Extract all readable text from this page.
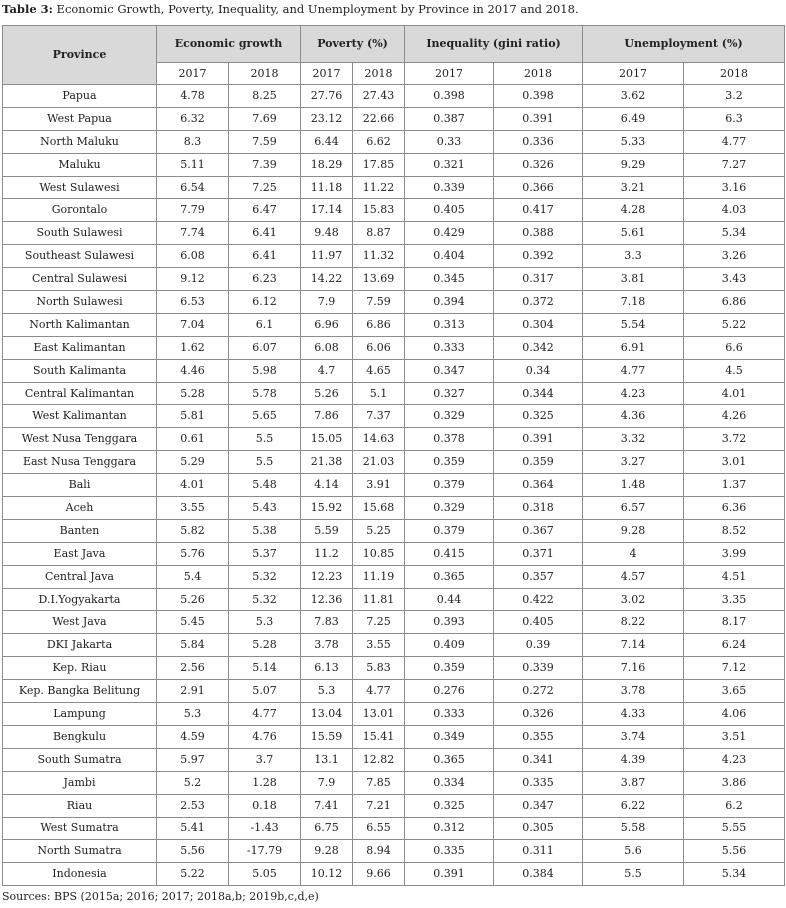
Table 3: Economic Growth, Poverty, Inequality, and Unemployment by Province in 2017 and 2018.
Province	Economic growth		Poverty (%)		Inequality (gini ratio)		Unemployment (%)	
	2017	2018	2017	2018	2017	2018	2017	2018
Papua	4.78	8.25	27.76	27.43	0.398	0.398	3.62	3.2
West Papua	6.32	7.69	23.12	22.66	0.387	0.391	6.49	6.3
North Maluku	8.3	7.59	6.44	6.62	0.33	0.336	5.33	4.77
Maluku	5.11	7.39	18.29	17.85	0.321	0.326	9.29	7.27
West Sulawesi	6.54	7.25	11.18	11.22	0.339	0.366	3.21	3.16
Gorontalo	7.79	6.47	17.14	15.83	0.405	0.417	4.28	4.03
South Sulawesi	7.74	6.41	9.48	8.87	0.429	0.388	5.61	5.34
Southeast Sulawesi	6.08	6.41	11.97	11.32	0.404	0.392	3.3	3.26
Central Sulawesi	9.12	6.23	14.22	13.69	0.345	0.317	3.81	3.43
North Sulawesi	6.53	6.12	7.9	7.59	0.394	0.372	7.18	6.86
North Kalimantan	7.04	6.1	6.96	6.86	0.313	0.304	5.54	5.22
East Kalimantan	1.62	6.07	6.08	6.06	0.333	0.342	6.91	6.6
South Kalimanta	4.46	5.98	4.7	4.65	0.347	0.34	4.77	4.5
Central Kalimantan	5.28	5.78	5.26	5.1	0.327	0.344	4.23	4.01
West Kalimantan	5.81	5.65	7.86	7.37	0.329	0.325	4.36	4.26
West Nusa Tenggara	0.61	5.5	15.05	14.63	0.378	0.391	3.32	3.72
East Nusa Tenggara	5.29	5.5	21.38	21.03	0.359	0.359	3.27	3.01
Bali	4.01	5.48	4.14	3.91	0.379	0.364	1.48	1.37
Aceh	3.55	5.43	15.92	15.68	0.329	0.318	6.57	6.36
Banten	5.82	5.38	5.59	5.25	0.379	0.367	9.28	8.52
East Java	5.76	5.37	11.2	10.85	0.415	0.371	4	3.99
Central Java	5.4	5.32	12.23	11.19	0.365	0.357	4.57	4.51
D.I.Yogyakarta	5.26	5.32	12.36	11.81	0.44	0.422	3.02	3.35
West Java	5.45	5.3	7.83	7.25	0.393	0.405	8.22	8.17
DKI Jakarta	5.84	5.28	3.78	3.55	0.409	0.39	7.14	6.24
Kep. Riau	2.56	5.14	6.13	5.83	0.359	0.339	7.16	7.12
Kep. Bangka Belitung	2.91	5.07	5.3	4.77	0.276	0.272	3.78	3.65
Lampung	5.3	4.77	13.04	13.01	0.333	0.326	4.33	4.06
Bengkulu	4.59	4.76	15.59	15.41	0.349	0.355	3.74	3.51
South Sumatra	5.97	3.7	13.1	12.82	0.365	0.341	4.39	4.23
Jambi	5.2	1.28	7.9	7.85	0.334	0.335	3.87	3.86
Riau	2.53	0.18	7.41	7.21	0.325	0.347	6.22	6.2
West Sumatra	5.41	-1.43	6.75	6.55	0.312	0.305	5.58	5.55
North Sumatra	5.56	-17.79	9.28	8.94	0.335	0.311	5.6	5.56
Indonesia	5.22	5.05	10.12	9.66	0.391	0.384	5.5	5.34
Sources: BPS (2015a; 2016; 2017; 2018a,b; 2019b,c,d,e)
